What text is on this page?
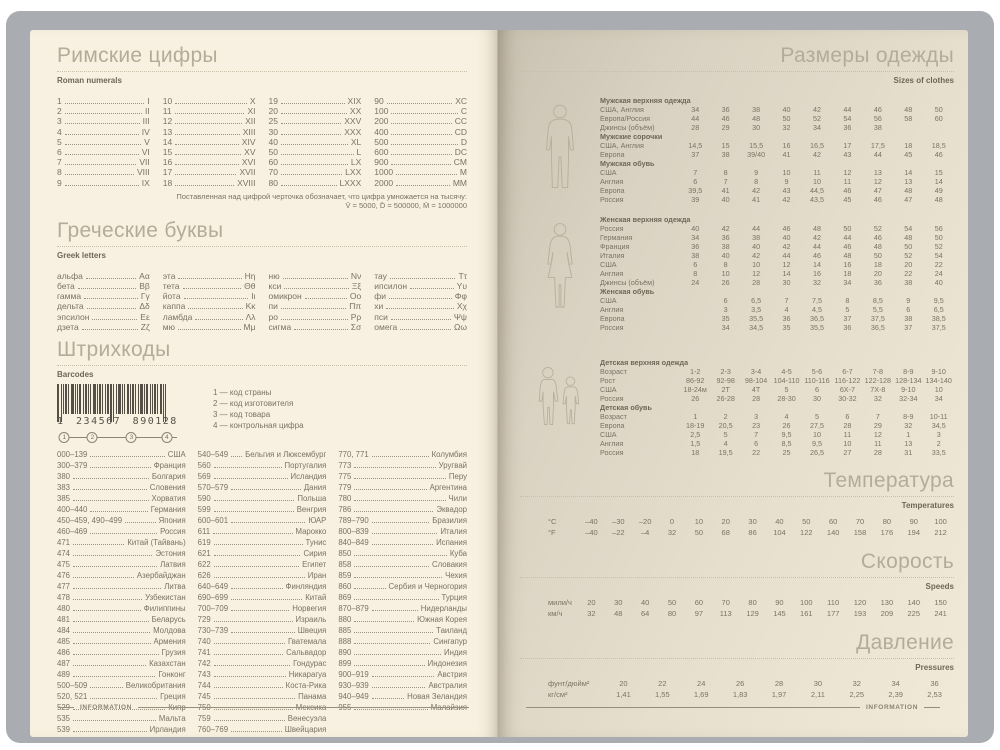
Римские цифры
Roman numerals
1	I
2	II
3	III
4	IV
5	V
6	VI
7	VII
8	VIII
9	IX
10	X
11	XI
12	XII
13	XIII
14	XIV
15	XV
16	XVI
17	XVII
18	XVIII
19	XIX
20	XX
25	XXV
30	XXX
40	XL
50	L
60	LX
70	LXX
80	LXXX
90	XC
100	C
200	CC
400	CD
500	D
600	DC
900	CM
1000	M
2000	MM
Поставленная над цифрой черточка обозначает, что цифра умножается на тысячу:
V̄ = 5000, D̄ = 500000, M̄ = 1000000
Греческие буквы
Greek letters
альфа	Αα
бета	Ββ
гамма	Γγ
дельта	Δδ
эпсилон	Εε
дзета	Ζζ
эта	Ηη
тета	Θθ
йота	Ιι
каппа	Κκ
ламбда	Λλ
мю	Μμ
ню	Νν
кси	Ξξ
омикрон	Οο
пи	Ππ
ро	Ρρ
сигма	Σσ
тау	Ττ
ипсилон	Υυ
фи	Φφ
хи	Χχ
пси	Ψψ
омега	Ωω
Штрихкоды
Barcodes
1 234567 890128
1	2	3	4
1 — код страны
2 — код изготовителя
3 — код товара
4 — контрольная цифра
000–139	США
300–379	Франция
380	Болгария
383	Словения
385	Хорватия
400–440	Германия
450–459, 490–499	Япония
460–469	Россия
471	Китай (Тайвань)
474	Эстония
475	Латвия
476	Азербайджан
477	Литва
478	Узбекистан
480	Филиппины
481	Беларусь
484	Молдова
485	Армения
486	Грузия
487	Казахстан
489	Гонконг
500–509	Великобритания
520, 521	Греция
529	Кипр
535	Мальта
539	Ирландия
540–549 Бельгия и Люксембург
560	Португалия
569	Исландия
570–579	Дания
590	Польша
599	Венгрия
600–601	ЮАР
611	Марокко
619	Тунис
621	Сирия
622	Египет
626	Иран
640–649	Финляндия
690–699	Китай
700–709	Норвегия
729	Израиль
730–739	Швеция
740	Гватемала
741	Сальвадор
742	Гондурас
743	Никарагуа
744	Коста-Рика
745	Панама
750	Мексика
759	Венесуэла
760–769	Швейцария
770, 771	Колумбия
773	Уругвай
775	Перу
779	Аргентина
780	Чили
786	Эквадор
789–790	Бразилия
800–839	Италия
840–849	Испания
850	Куба
858	Словакия
859	Чехия
860	Сербия и Черногория
869	Турция
870–879	Нидерланды
880	Южная Корея
885	Таиланд
888	Сингапур
890	Индия
899	Индонезия
900–919	Австрия
930–939	Австралия
940–949	Новая Зеландия
955	Малайзия
INFORMATION
Размеры одежды
Sizes of clothes
Мужская верхняя одежда
США, Англия	34	36	38	40	42	44	46	48	50
Европа/Россия	44	46	48	50	52	54	56	58	60
Джинсы (объём)	28	29	30	32	34	36	38
Мужские сорочки
США, Англия	14,5	15	15,5	16	16,5	17	17,5	18	18,5
Европа	37	38	39/40	41	42	43	44	45	46
Мужская обувь
США	7	8	9	10	11	12	13	14	15
Англия	6	7	8	9	10	11	12	13	14
Европа	39,5	41	42	43	44,5	46	47	48	49
Россия	39	40	41	42	43,5	45	46	47	48
Женская верхняя одежда
Россия	40	42	44	46	48	50	52	54	56
Германия	34	36	38	40	42	44	46	48	50
Франция	36	38	40	42	44	46	48	50	52
Италия	38	40	42	44	46	48	50	52	54
США	6	8	10	12	14	16	18	20	22
Англия	8	10	12	14	16	18	20	22	24
Джинсы (объём)	24	26	28	30	32	34	36	38	40
Женская обувь
США	6	6,5	7	7,5	8	8,5	9	9,5
Англия	3	3,5	4	4,5	5	5,5	6	6,5
Европа	35	35,5	36	36,5	37	37,5	38	38,5
Россия	34	34,5	35	35,5	36	36,5	37	37,5
Детская верхняя одежда
Возраст	1-2	2-3	3-4	4-5	5-6	6-7	7-8	8-9	9-10
Рост	86-92	92-98	98-104 104-110 110-116 116-122 122-128 128-134 134-140
США	18-24м	2T	4T	5	6	6X-7	7X-8	9-10	10
Россия	26	26-28	28	28-30	30	30-32	32	32-34	34
Детская обувь
Возраст	1	2	3	4	5	6	7	8-9	10-11
Европа	18-19	20,5	23	26	27,5	28	29	32	34,5
США	2,5	5	7	9,5	10	11	12	1	3
Англия	1,5	4	6	8,5	9,5	10	11	13	2
Россия	18	19,5	22	25	26,5	27	28	31	33,5
Температура
Temperatures
°C	–40	–30	–20	0	10	20	30	40	50	60	70	80	90	100
°F	–40	–22	–4	32	50	68	86	104	122	140	158	176	194	212
Скорость
Speeds
мили/ч	20	30	40	50	60	70	80	90	100	110	120	130	140	150
км/ч	32	48	64	80	97	113	129	145	161	177	193	209	225	241
Давление
Pressures
фунт/дюйм²	20	22	24	26	28	30	32	34	36
кг/см²	1,41	1,55	1,69	1,83	1,97	2,11	2,25	2,39	2,53
INFORMATION
